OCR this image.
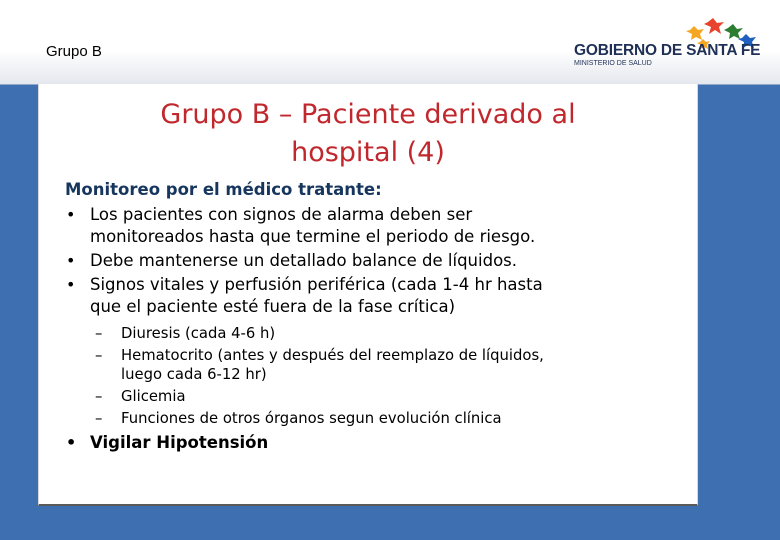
Grupo B	GOBIERNO DE SANTA FE
MINISTERIO DE SALUD
Grupo B – Paciente derivado al
hospital (4)
Monitoreo por el médico tratante:
• Los pacientes con signos de alarma deben ser
monitoreados hasta que termine el periodo de riesgo.
• Debe mantenerse un detallado balance de líquidos.
• Signos vitales y perfusión periférica (cada 1-4 hr hasta
que el paciente esté fuera de la fase crítica)
– Diuresis (cada 4-6 h)
– Hematocrito (antes y después del reemplazo de líquidos,
luego cada 6-12 hr)
– Glicemia
– Funciones de otros órganos segun evolución clínica
• Vigilar Hipotensión
